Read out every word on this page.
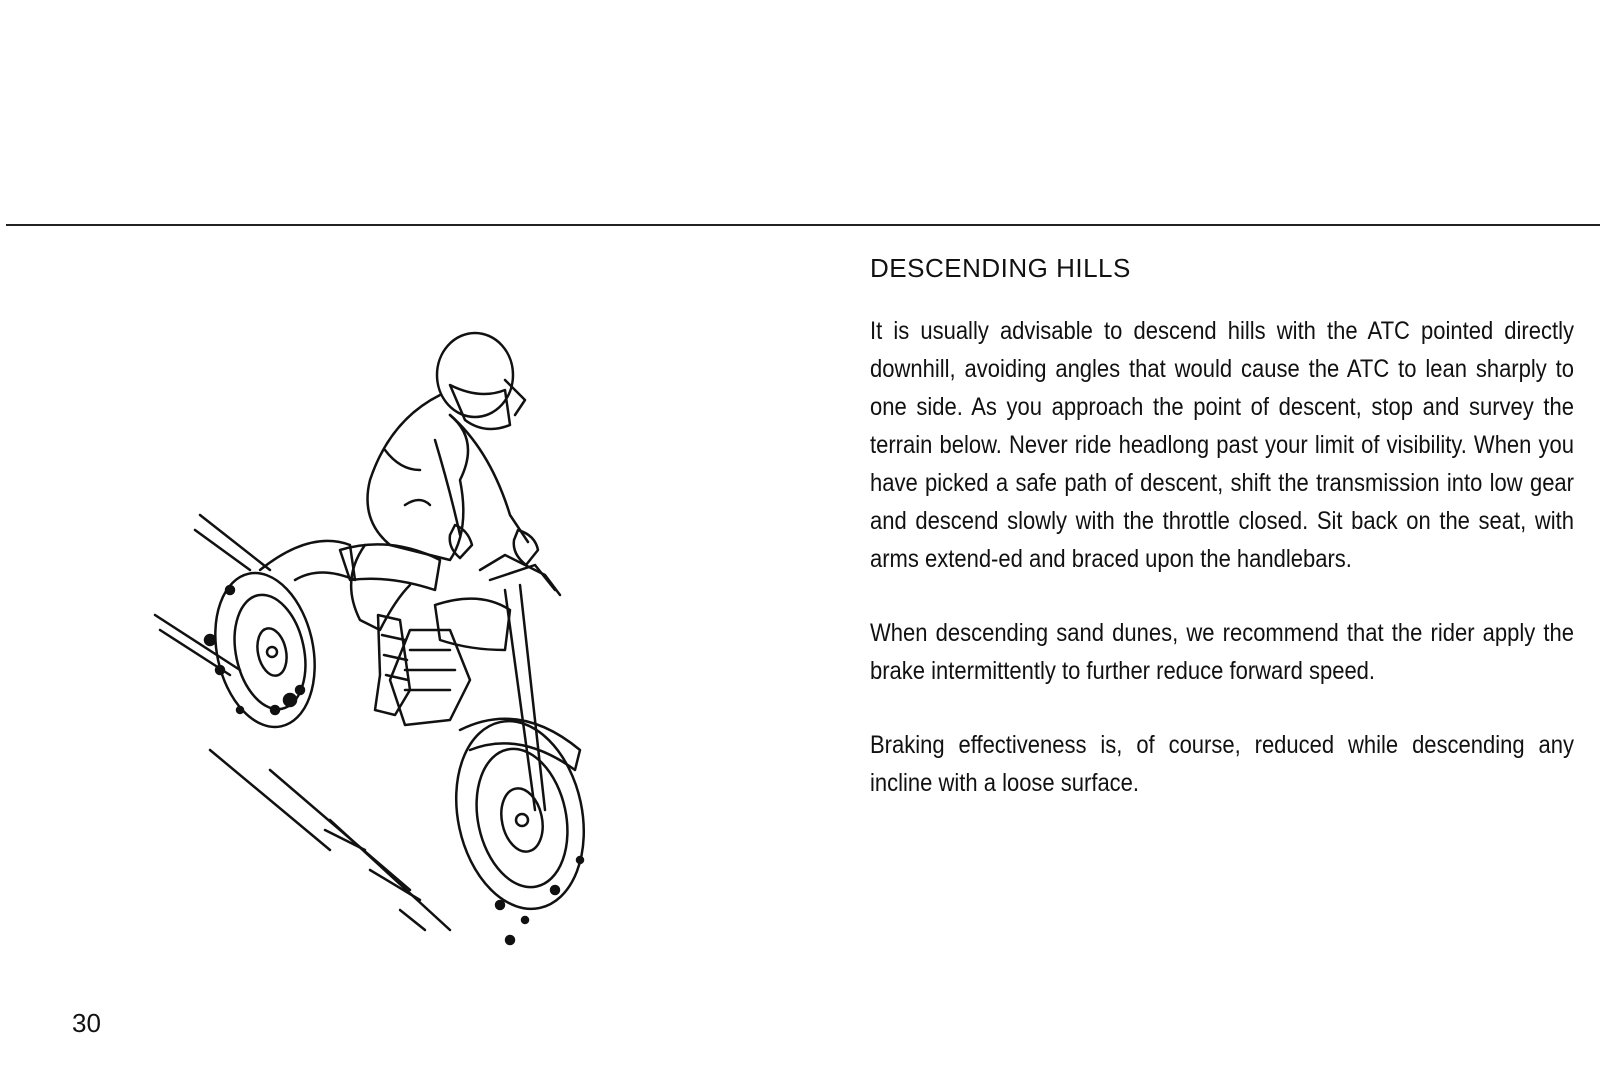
DESCENDING HILLS
It is usually advisable to descend hills with the ATC pointed directly downhill, avoiding angles that would cause the ATC to lean sharply to one side. As you approach the point of descent, stop and survey the terrain below. Never ride headlong past your limit of visibility. When you have picked a safe path of descent, shift the transmission into low gear and descend slowly with the throttle closed. Sit back on the seat, with arms extend-ed and braced upon the handlebars.
When descending sand dunes, we recommend that the rider apply the brake intermittently to further reduce forward speed.
Braking effectiveness is, of course, reduced while descending any incline with a loose surface.
30
